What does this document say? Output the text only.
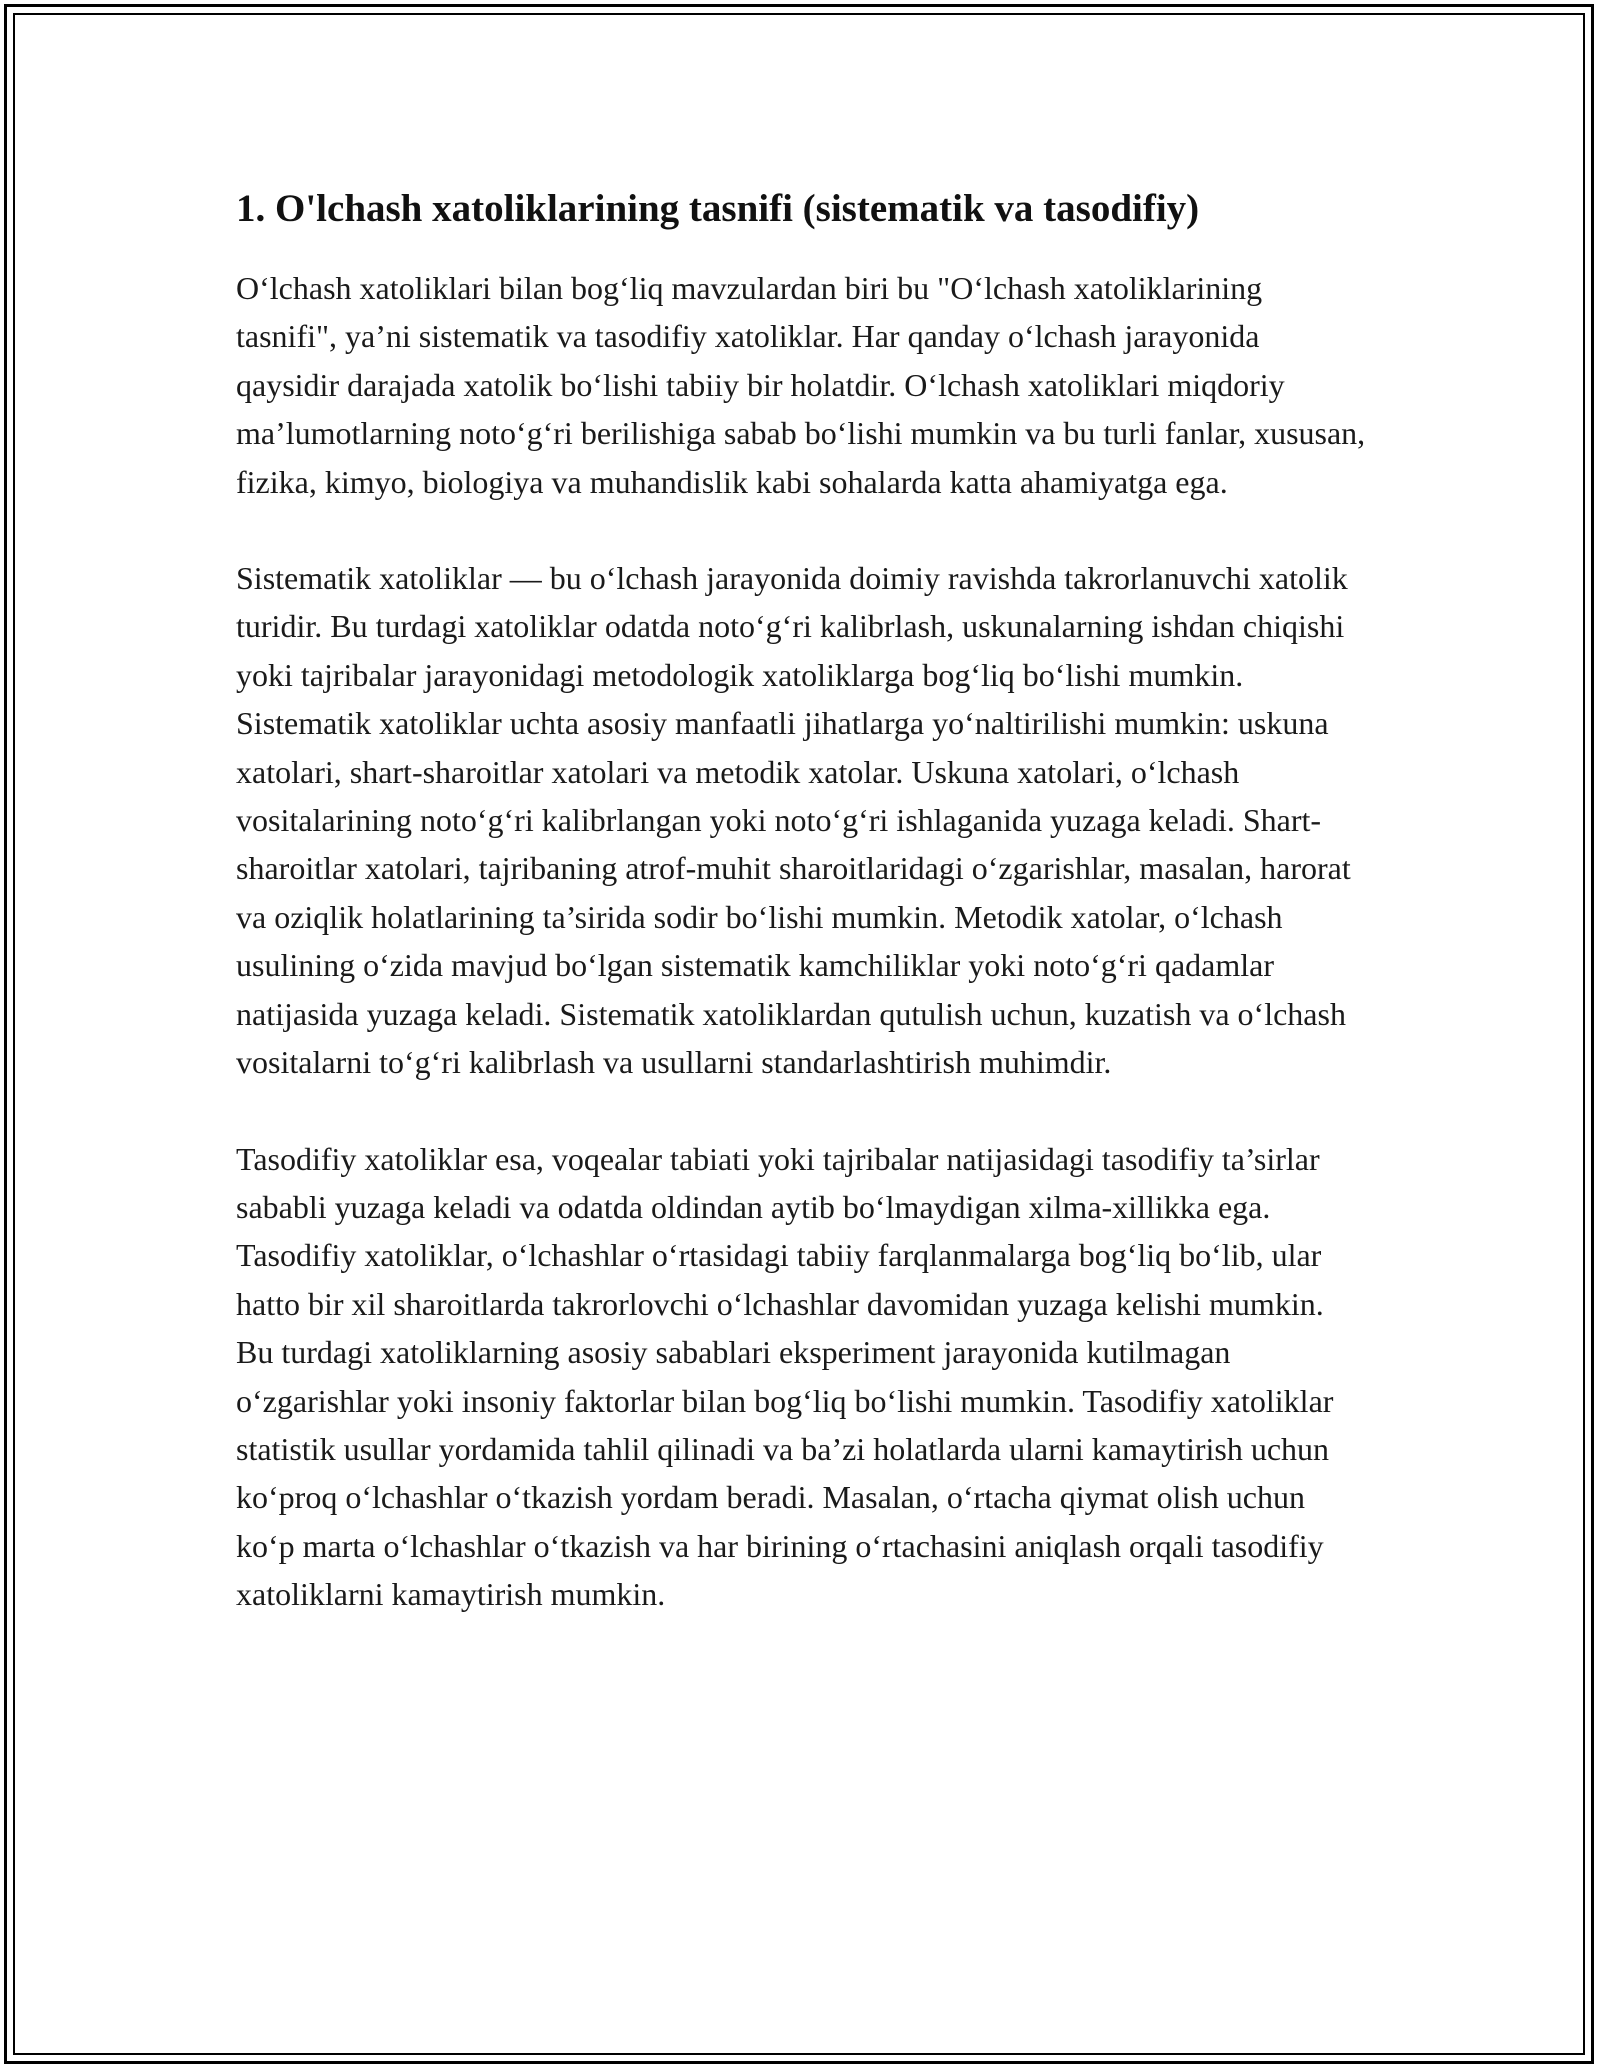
1. O'lchash xatoliklarining tasnifi (sistematik va tasodifiy)

O‘lchash xatoliklari bilan bog‘liq mavzulardan biri bu "O‘lchash xatoliklarining tasnifi", ya’ni sistematik va tasodifiy xatoliklar. Har qanday o‘lchash jarayonida qaysidir darajada xatolik bo‘lishi tabiiy bir holatdir. O‘lchash xatoliklari miqdoriy ma’lumotlarning noto‘g‘ri berilishiga sabab bo‘lishi mumkin va bu turli fanlar, xususan, fizika, kimyo, biologiya va muhandislik kabi sohalarda katta ahamiyatga ega.

Sistematik xatoliklar — bu o‘lchash jarayonida doimiy ravishda takrorlanuvchi xatolik turidir. Bu turdagi xatoliklar odatda noto‘g‘ri kalibrlash, uskunalarning ishdan chiqishi yoki tajribalar jarayonidagi metodologik xatoliklarga bog‘liq bo‘lishi mumkin. Sistematik xatoliklar uchta asosiy manfaatli jihatlarga yo‘naltirilishi mumkin: uskuna xatolari, shart-sharoitlar xatolari va metodik xatolar. Uskuna xatolari, o‘lchash vositalarining noto‘g‘ri kalibrlangan yoki noto‘g‘ri ishlaganida yuzaga keladi. Shart-sharoitlar xatolari, tajribaning atrof-muhit sharoitlaridagi o‘zgarishlar, masalan, harorat va oziqlik holatlarining ta’sirida sodir bo‘lishi mumkin. Metodik xatolar, o‘lchash usulining o‘zida mavjud bo‘lgan sistematik kamchiliklar yoki noto‘g‘ri qadamlar natijasida yuzaga keladi. Sistematik xatoliklardan qutulish uchun, kuzatish va o‘lchash vositalarni to‘g‘ri kalibrlash va usullarni standarlashtirish muhimdir.

Tasodifiy xatoliklar esa, voqealar tabiati yoki tajribalar natijasidagi tasodifiy ta’sirlar sababli yuzaga keladi va odatda oldindan aytib bo‘lmaydigan xilma-xillikka ega. Tasodifiy xatoliklar, o‘lchashlar o‘rtasidagi tabiiy farqlanmalarga bog‘liq bo‘lib, ular hatto bir xil sharoitlarda takrorlovchi o‘lchashlar davomidan yuzaga kelishi mumkin. Bu turdagi xatoliklarning asosiy sabablari eksperiment jarayonida kutilmagan o‘zgarishlar yoki insoniy faktorlar bilan bog‘liq bo‘lishi mumkin. Tasodifiy xatoliklar statistik usullar yordamida tahlil qilinadi va ba’zi holatlarda ularni kamaytirish uchun ko‘proq o‘lchashlar o‘tkazish yordam beradi. Masalan, o‘rtacha qiymat olish uchun ko‘p marta o‘lchashlar o‘tkazish va har birining o‘rtachasini aniqlash orqali tasodifiy xatoliklarni kamaytirish mumkin.
